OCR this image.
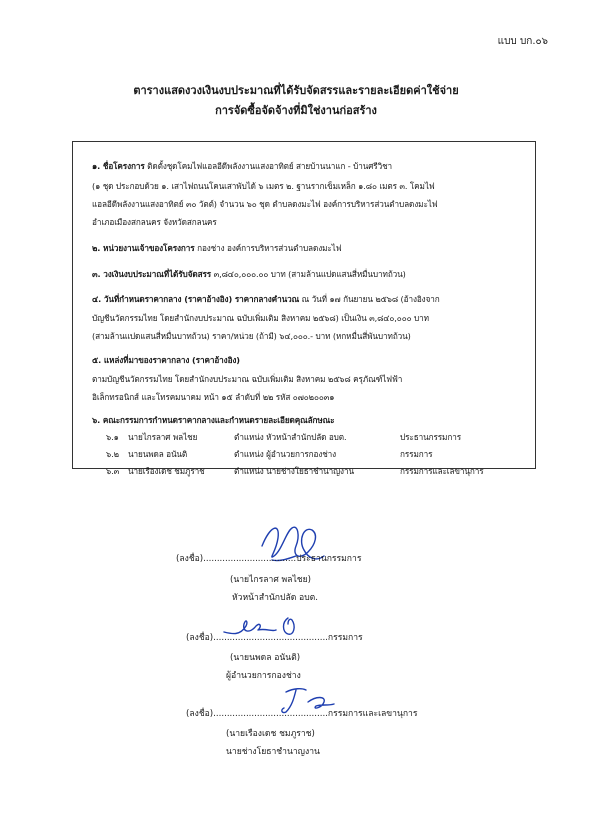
แบบ บก.๐๖
ตารางแสดงวงเงินงบประมาณที่ได้รับจัดสรรและรายละเอียดค่าใช้จ่าย
การจัดซื้อจัดจ้างที่มิใช่งานก่อสร้าง
๑. ชื่อโครงการ ติดตั้งชุดโคมไฟแอลอีดีพลังงานแสงอาทิตย์ สายบ้านนาแก - บ้านศรีวิชา
(๑ ชุด ประกอบด้วย ๑. เสาไฟถนนโคนเสาพับได้ ๖ เมตร ๒. ฐานรากเข็มเหล็ก ๑.๘๐ เมตร ๓. โคมไฟ
แอลอีดีพลังงานแสงอาทิตย์ ๓๐ วัตต์) จำนวน ๖๐ ชุด ตำบลดงมะไฟ องค์การบริหารส่วนตำบลดงมะไฟ
อำเภอเมืองสกลนคร จังหวัดสกลนคร
๒. หน่วยงานเจ้าของโครงการ กองช่าง องค์การบริหารส่วนตำบลดงมะไฟ
๓. วงเงินงบประมาณที่ได้รับจัดสรร ๓,๘๔๐,๐๐๐.๐๐ บาท (สามล้านแปดแสนสี่หมื่นบาทถ้วน)
๔. วันที่กำหนดราคากลาง (ราคาอ้างอิง) ราคากลางคำนวณ ณ วันที่ ๑๗ กันยายน ๒๕๖๘ (อ้างอิงจาก
บัญชีนวัตกรรมไทย โดยสำนักงบประมาณ ฉบับเพิ่มเติม สิงหาคม ๒๕๖๘) เป็นเงิน ๓,๘๔๐,๐๐๐ บาท
(สามล้านแปดแสนสี่หมื่นบาทถ้วน) ราคา/หน่วย (ถ้ามี) ๖๔,๐๐๐.- บาท (หกหมื่นสี่พันบาทถ้วน)
๕. แหล่งที่มาของราคากลาง (ราคาอ้างอิง)
ตามบัญชีนวัตกรรมไทย โดยสำนักงบประมาณ ฉบับเพิ่มเติม สิงหาคม ๒๕๖๘ ครุภัณฑ์ไฟฟ้า
อิเล็กทรอนิกส์ และโทรคมนาคม หน้า ๑๕ ลำดับที่ ๒๒ รหัส ๐๗๐๒๐๐๓๑
๖. คณะกรรมการกำหนดราคากลางและกำหนดรายละเอียดคุณลักษณะ
๖.๑ นายไกรลาศ พลไชย	ตำแหน่ง หัวหน้าสำนักปลัด อบต.	ประธานกรรมการ
๖.๒ นายนพดล อนันติ	ตำแหน่ง ผู้อำนวยการกองช่าง	กรรมการ
๖.๓ นายเรืองเดช ชมภูราช	ตำแหน่ง นายช่างโยธาชำนาญงาน	กรรมการและเลขานุการ
(ลงชื่อ)..................................ประธานกรรมการ
(นายไกรลาศ พลไชย)
หัวหน้าสำนักปลัด อบต.
(ลงชื่อ)..........................................กรรมการ
(นายนพดล อนันติ)
ผู้อำนวยการกองช่าง
(ลงชื่อ)..........................................กรรมการและเลขานุการ
(นายเรืองเดช ชมภูราช)
นายช่างโยธาชำนาญงาน
